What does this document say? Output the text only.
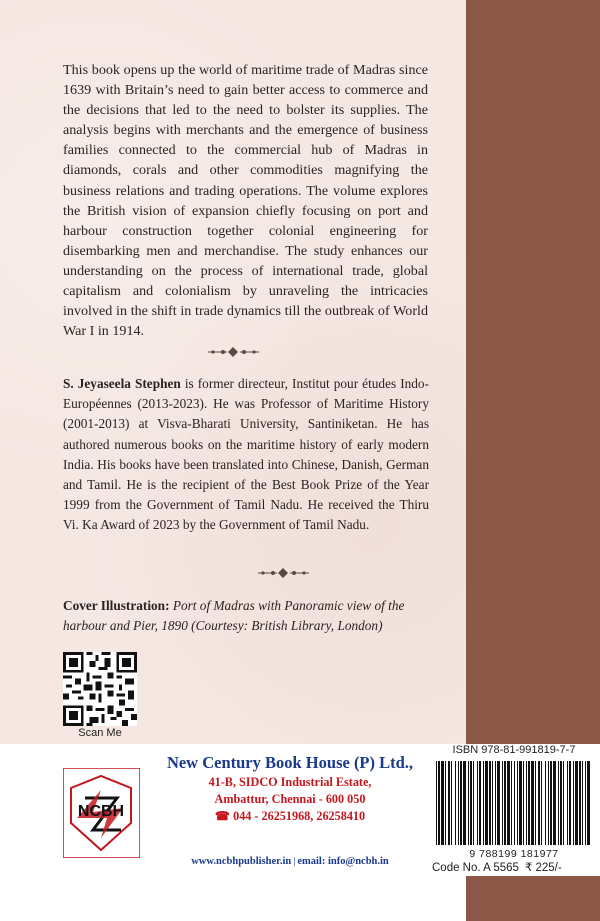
This book opens up the world of maritime trade of Madras since 1639 with Britain’s need to gain better access to commerce and the decisions that led to the need to bolster its supplies. The analysis begins with merchants and the emergence of business families connected to the commercial hub of Madras in diamonds, corals and other commodities magnifying the business relations and trading operations. The volume explores the British vision of expansion chiefly focusing on port and harbour construction together colonial engineering for disembarking men and merchandise. The study enhances our understanding on the process of international trade, global capitalism and colonialism by unraveling the intricacies involved in the shift in trade dynamics till the outbreak of World War I in 1914.

S. Jeyaseela Stephen is former directeur, Institut pour études Indo-Européennes (2013-2023). He was Professor of Maritime History (2001-2013) at Visva-Bharati University, Santiniketan. He has authored numerous books on the maritime history of early modern India. His books have been translated into Chinese, Danish, German and Tamil. He is the recipient of the Best Book Prize of the Year 1999 from the Government of Tamil Nadu. He received the Thiru Vi. Ka Award of 2023 by the Government of Tamil Nadu.

Cover Illustration: Port of Madras with Panoramic view of the harbour and Pier, 1890 (Courtesy: British Library, London)

Scan Me
NCBH
New Century Book House (P) Ltd.,
41-B, SIDCO Industrial Estate,
Ambattur, Chennai - 600 050
☎ 044 - 26251968, 26258410
www.ncbhpublisher.in | email: info@ncbh.in
ISBN 978-81-991819-7-7
9 788199 181977
Code No. A 5565 ₹ 225/-
